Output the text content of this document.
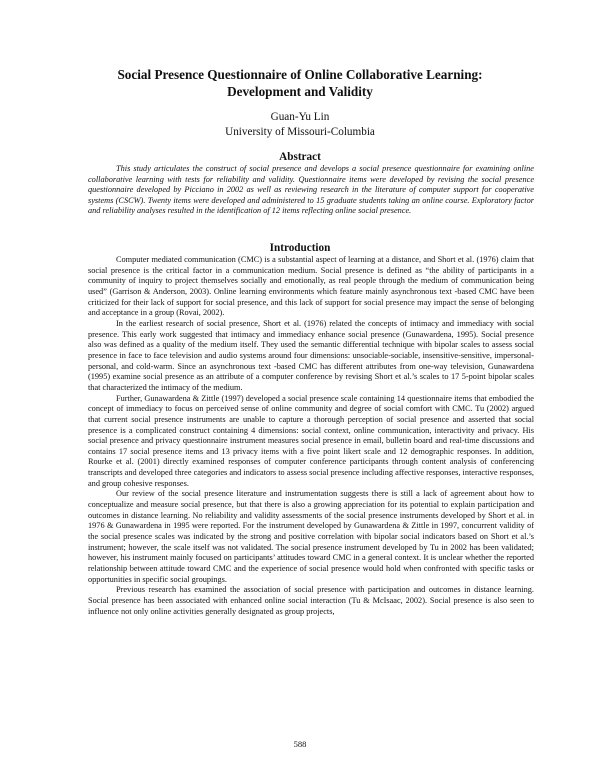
Social Presence Questionnaire of Online Collaborative Learning:
Development and Validity
Guan-Yu Lin
University of Missouri-Columbia
Abstract
This study articulates the construct of social presence and develops a social presence questionnaire for examining online collaborative learning with tests for reliability and validity. Questionnaire items were developed by revising the social presence questionnaire developed by Picciano in 2002 as well as reviewing research in the literature of computer support for cooperative systems (CSCW). Twenty items were developed and administered to 15 graduate students taking an online course. Exploratory factor and reliability analyses resulted in the identification of 12 items reflecting online social presence.
Introduction

Computer mediated communication (CMC) is a substantial aspect of learning at a distance, and Short et al. (1976) claim that social presence is the critical factor in a communication medium. Social presence is defined as “the ability of participants in a community of inquiry to project themselves socially and emotionally, as real people through the medium of communication being used” (Garrison & Anderson, 2003). Online learning environments which feature mainly asynchronous text -based CMC have been criticized for their lack of support for social presence, and this lack of support for social presence may impact the sense of belonging and acceptance in a group (Rovai, 2002).

In the earliest research of social presence, Short et al. (1976) related the concepts of intimacy and immediacy with social presence. This early work suggested that intimacy and immediacy enhance social presence (Gunawardena, 1995). Social presence also was defined as a quality of the medium itself. They used the semantic differential technique with bipolar scales to assess social presence in face to face television and audio systems around four dimensions: unsociable-sociable, insensitive-sensitive, impersonal-personal, and cold-warm. Since an asynchronous text -based CMC has different attributes from one-way television, Gunawardena (1995) examine social presence as an attribute of a computer conference by revising Short et al.’s scales to 17 5-point bipolar scales that characterized the intimacy of the medium.

Further, Gunawardena & Zittle (1997) developed a social presence scale containing 14 questionnaire items that embodied the concept of immediacy to focus on perceived sense of online community and degree of social comfort with CMC. Tu (2002) argued that current social presence instruments are unable to capture a thorough perception of social presence and asserted that social presence is a complicated construct containing 4 dimensions: social context, online communication, interactivity and privacy. His social presence and privacy questionnaire instrument measures social presence in email, bulletin board and real-time discussions and contains 17 social presence items and 13 privacy items with a five point likert scale and 12 demographic responses. In addition, Rourke et al. (2001) directly examined responses of computer conference participants through content analysis of conferencing transcripts and developed three categories and indicators to assess social presence including affective responses, interactive responses, and group cohesive responses.

Our review of the social presence literature and instrumentation suggests there is still a lack of agreement about how to conceptualize and measure social presence, but that there is also a growing appreciation for its potential to explain participation and outcomes in distance learning. No reliability and validity assessments of the social presence instruments developed by Short et al. in 1976 & Gunawardena in 1995 were reported. For the instrument developed by Gunawardena & Zittle in 1997, concurrent validity of the social presence scales was indicated by the strong and positive correlation with bipolar social indicators based on Short et al.’s instrument; however, the scale itself was not validated. The social presence instrument developed by Tu in 2002 has been validated; however, his instrument mainly focused on participants’ attitudes toward CMC in a general context. It is unclear whether the reported relationship between attitude toward CMC and the experience of social presence would hold when confronted with specific tasks or opportunities in specific social groupings.

Previous research has examined the association of social presence with participation and outcomes in distance learning. Social presence has been associated with enhanced online social interaction (Tu & McIsaac, 2002). Social presence is also seen to influence not only online activities generally designated as group projects,

588
